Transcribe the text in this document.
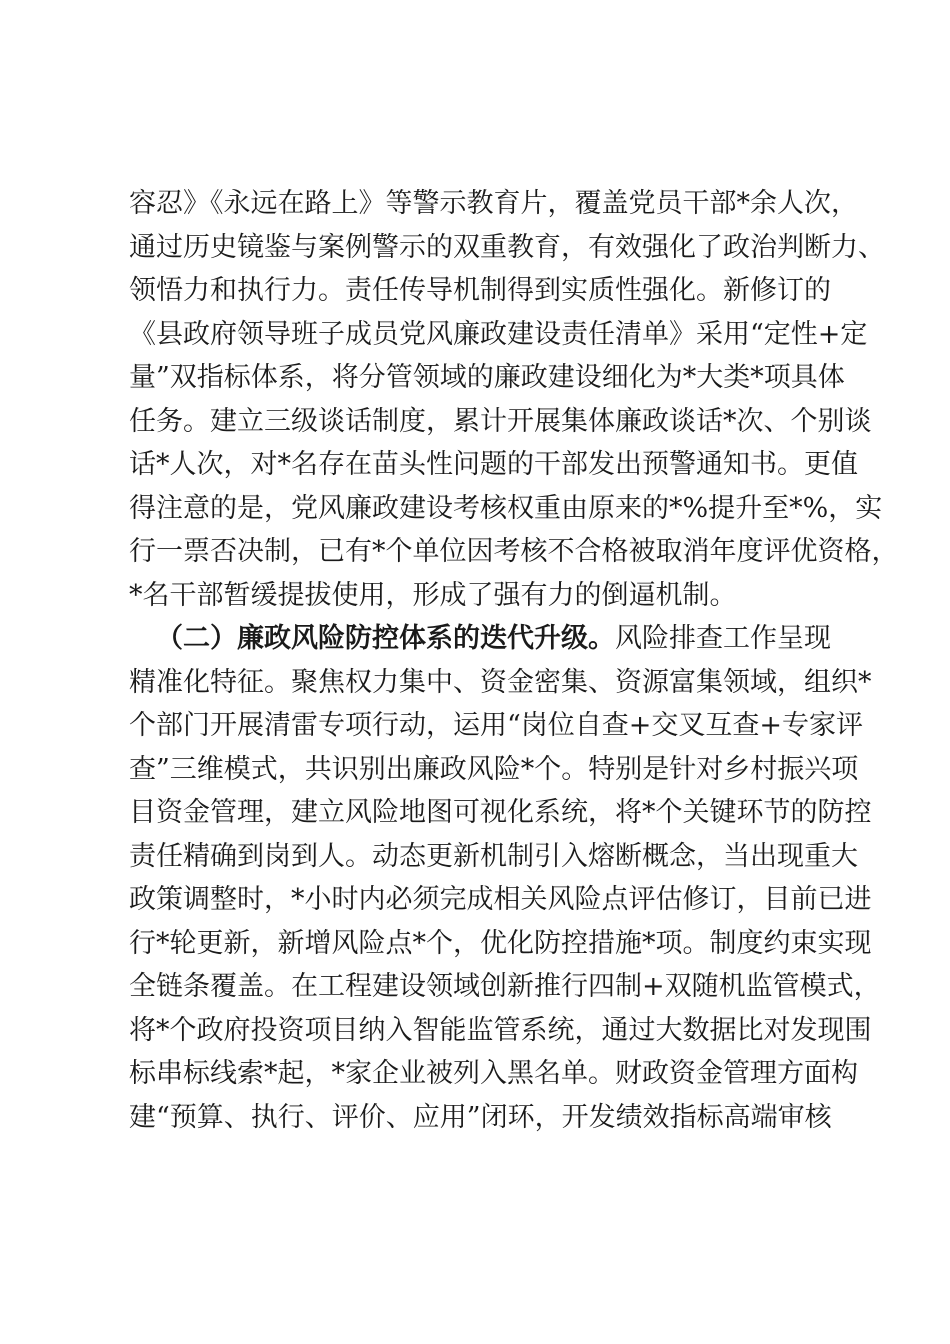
容忍》《永远在路上》等警示教育片，覆盖党员干部*余人次，
通过历史镜鉴与案例警示的双重教育，有效强化了政治判断力、
领悟力和执行力。责任传导机制得到实质性强化。新修订的
《县政府领导班子成员党风廉政建设责任清单》采用“定性+定
量”双指标体系，将分管领域的廉政建设细化为*大类*项具体
任务。建立三级谈话制度，累计开展集体廉政谈话*次、个别谈
话*人次，对*名存在苗头性问题的干部发出预警通知书。更值
得注意的是，党风廉政建设考核权重由原来的*%提升至*%，实
行一票否决制，已有*个单位因考核不合格被取消年度评优资格，
*名干部暂缓提拔使用，形成了强有力的倒逼机制。
（二）廉政风险防控体系的迭代升级。风险排查工作呈现
精准化特征。聚焦权力集中、资金密集、资源富集领域，组织*
个部门开展清雷专项行动，运用“岗位自查+交叉互查+专家评
查”三维模式，共识别出廉政风险*个。特别是针对乡村振兴项
目资金管理，建立风险地图可视化系统，将*个关键环节的防控
责任精确到岗到人。动态更新机制引入熔断概念，当出现重大
政策调整时，*小时内必须完成相关风险点评估修订，目前已进
行*轮更新，新增风险点*个，优化防控措施*项。制度约束实现
全链条覆盖。在工程建设领域创新推行四制+双随机监管模式，
将*个政府投资项目纳入智能监管系统，通过大数据比对发现围
标串标线索*起，*家企业被列入黑名单。财政资金管理方面构
建“预算、执行、评价、应用”闭环，开发绩效指标高端审核
